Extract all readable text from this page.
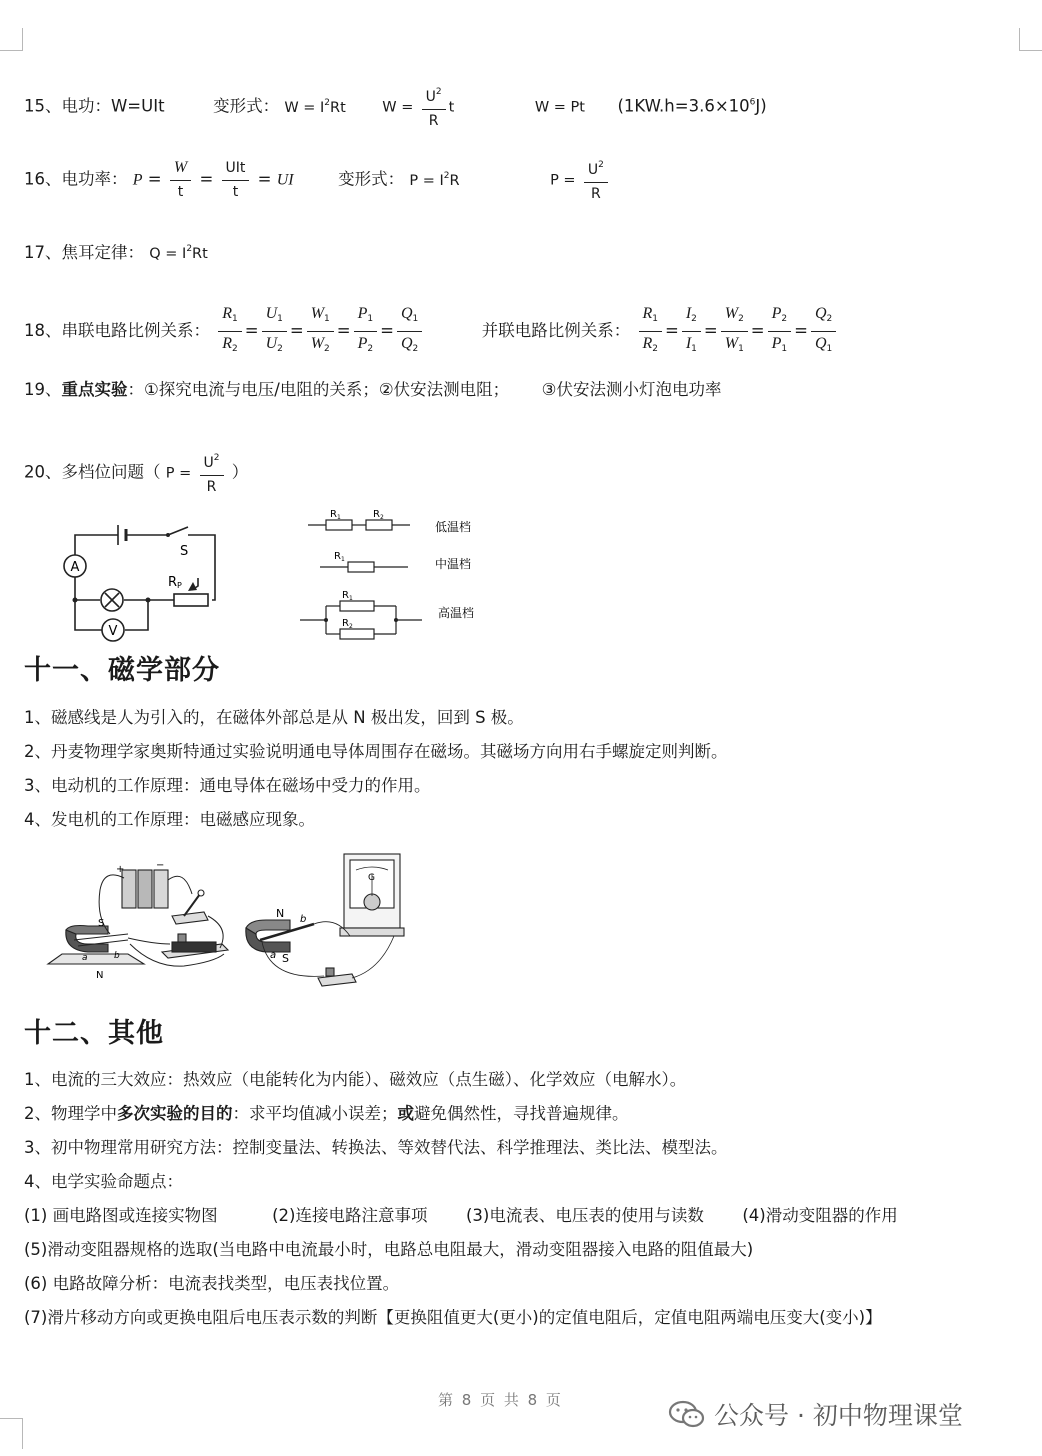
15、电功：W=UIt	变形式： $W = I^2Rt$	$W = \frac{U^2}{R}$ t	W = Pt $(1KW.h=3.6\times 10^6J)$
16、电功率： $P = \frac{W}{t} = \frac{\text{UIt}}{t}$ = UI	变形式： $P = I^2R$	$P = \frac{U^2}{R}$
17、焦耳定律： $Q = I^2Rt$
18、串联电路比例关系： $\frac{R_1}{R_2} = \frac{U_1}{U_2} = \frac{W_1}{W_2} = \frac{P_1}{P_2} = \frac{Q_1}{Q_2}$	并联电路比例关系： $\frac{R_1}{R_2} = \frac{I_2}{I_1} = \frac{W_2}{W_1} = \frac{P_2}{P_1} = \frac{Q_2}{Q_1}$
19、重点实验：①探究电流与电压/电阻的关系；②伏安法测电阻； ③伏安法测小灯泡电功率
20、多档位问题（ $P = \frac{U^2}{R}$ ）
A
V
S
RP
$R_1$	$R_2$
$R_1$
$R_1$
$R_2$
低温档
中温档
高温档
十一、磁学部分
1、磁感线是人为引入的，在磁体外部总是从 N 极出发，回到 S 极。
2、丹麦物理学家奥斯特通过实验说明通电导体周围存在磁场。其磁场方向用右手螺旋定则判断。
3、电动机的工作原理：通电导体在磁场中受力的作用。
4、发电机的工作原理：电磁感应现象。
+	−
S
N
a	b
G
N
S
a
b
十二、其他
1、电流的三大效应：热效应（电能转化为内能）、磁效应（点生磁）、化学效应（电解水）。
2、物理学中多次实验的目的：求平均值减小误差；或避免偶然性，寻找普遍规律。
3、初中物理常用研究方法：控制变量法、转换法、等效替代法、科学推理法、类比法、模型法。
4、电学实验命题点：
(1) 画电路图或连接实物图	(2)连接电路注意事项 (3)电流表、电压表的使用与读数 (4)滑动变阻器的作用
(5)滑动变阻器规格的选取(当电路中电流最小时，电路总电阻最大，滑动变阻器接入电路的阻值最大)
(6) 电路故障分析：电流表找类型，电压表找位置。
(7)滑片移动方向或更换电阻后电压表示数的判断【更换阻值更大(更小)的定值电阻后，定值电阻两端电压变大(变小)】
第 8 页 共 8 页
公众号 · 初中物理课堂
